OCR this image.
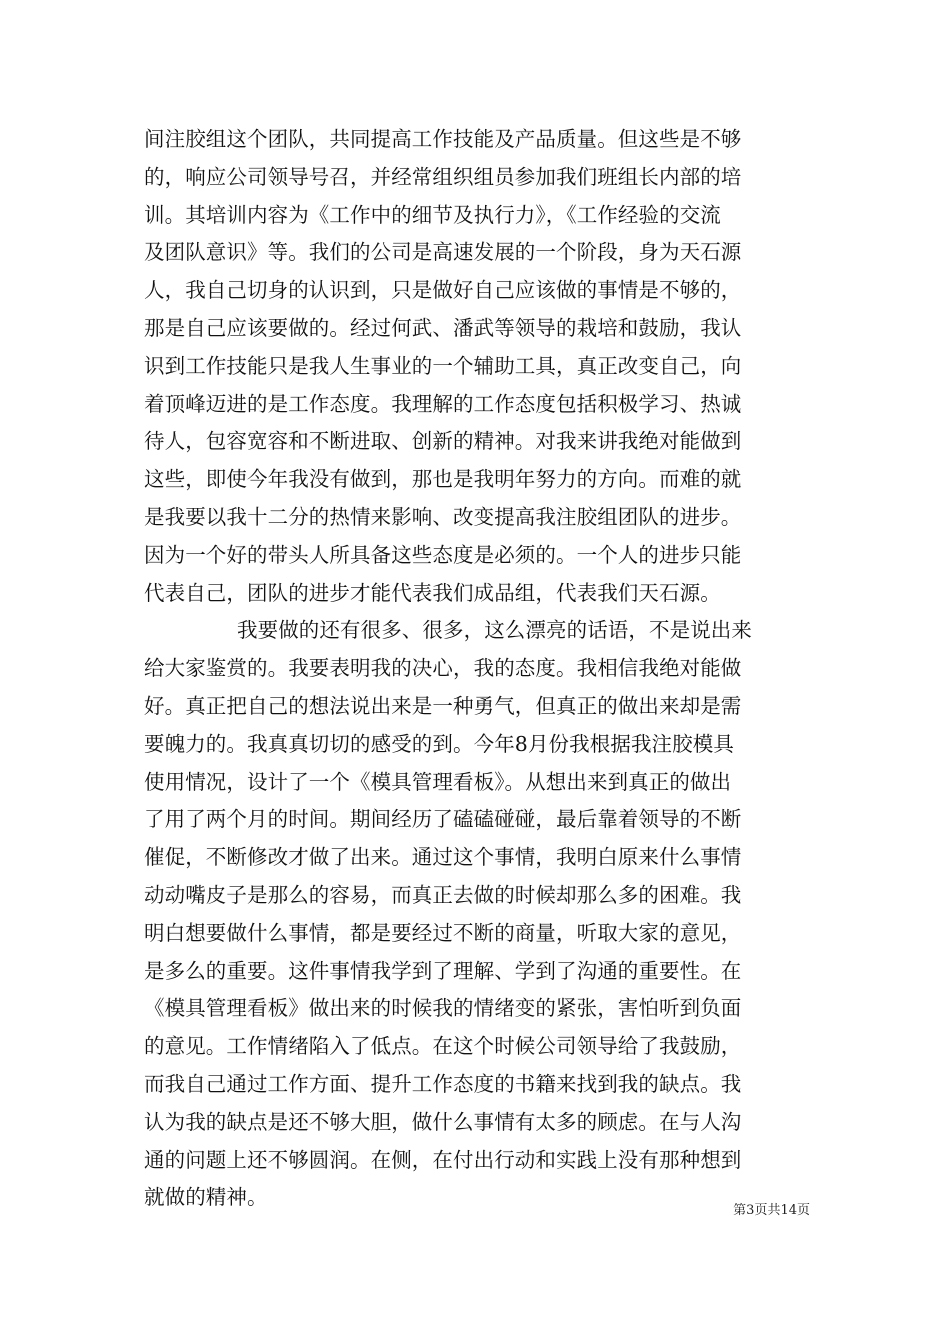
间注胶组这个团队，共同提高工作技能及产品质量。但这些是不够
的，响应公司领导号召，并经常组织组员参加我们班组长内部的培
训。其培训内容为《工作中的细节及执行力》，《工作经验的交流
及团队意识》等。我们的公司是高速发展的一个阶段，身为天石源
人，我自己切身的认识到，只是做好自己应该做的事情是不够的，
那是自己应该要做的。经过何武、潘武等领导的栽培和鼓励，我认
识到工作技能只是我人生事业的一个辅助工具，真正改变自己，向
着顶峰迈进的是工作态度。我理解的工作态度包括积极学习、热诚
待人，包容宽容和不断进取、创新的精神。对我来讲我绝对能做到
这些，即使今年我没有做到，那也是我明年努力的方向。而难的就
是我要以我十二分的热情来影响、改变提高我注胶组团队的进步。
因为一个好的带头人所具备这些态度是必须的。一个人的进步只能
代表自己，团队的进步才能代表我们成品组，代表我们天石源。
我要做的还有很多、很多，这么漂亮的话语，不是说出来
给大家鉴赏的。我要表明我的决心，我的态度。我相信我绝对能做
好。真正把自己的想法说出来是一种勇气，但真正的做出来却是需
要魄力的。我真真切切的感受的到。今年8月份我根据我注胶模具
使用情况，设计了一个《模具管理看板》。从想出来到真正的做出
了用了两个月的时间。期间经历了磕磕碰碰，最后靠着领导的不断
催促，不断修改才做了出来。通过这个事情，我明白原来什么事情
动动嘴皮子是那么的容易，而真正去做的时候却那么多的困难。我
明白想要做什么事情，都是要经过不断的商量，听取大家的意见，
是多么的重要。这件事情我学到了理解、学到了沟通的重要性。在
《模具管理看板》做出来的时候我的情绪变的紧张，害怕听到负面
的意见。工作情绪陷入了低点。在这个时候公司领导给了我鼓励，
而我自己通过工作方面、提升工作态度的书籍来找到我的缺点。我
认为我的缺点是还不够大胆，做什么事情有太多的顾虑。在与人沟
通的问题上还不够圆润。在侧，在付出行动和实践上没有那种想到
就做的精神。
第3页共14页
